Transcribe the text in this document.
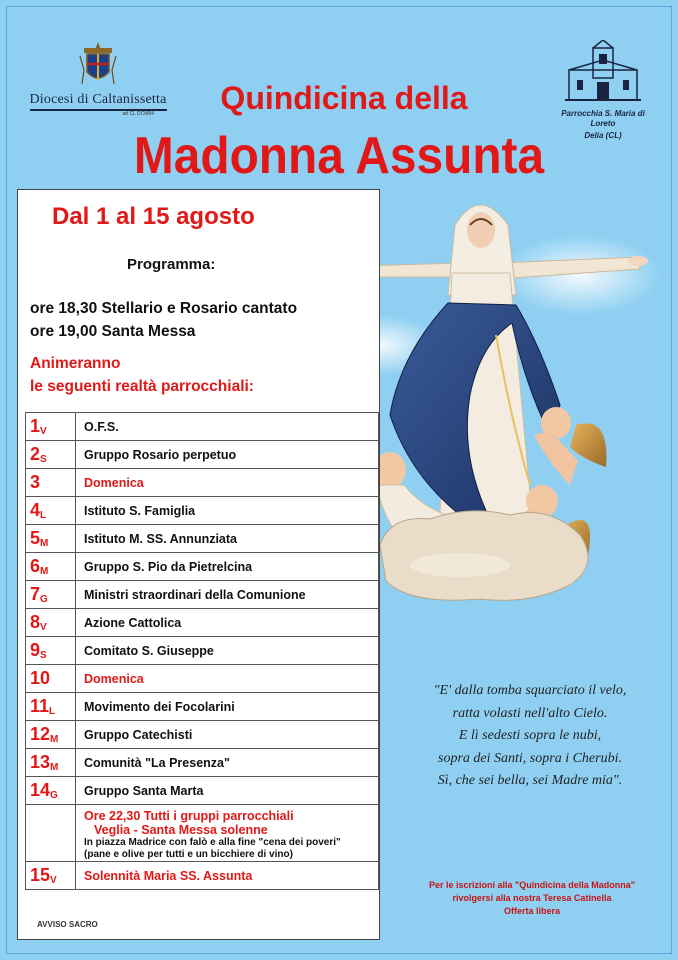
Diocesi di Caltanissetta
ad CL DCM84	Parrocchia S. Maria di Loreto
Delia (CL)
Quindicina della
Madonna Assunta
Dal 1 al 15 agosto
Programma:
ore 18,30 Stellario e Rosario cantato
ore 19,00 Santa Messa
Animeranno
le seguenti realtà parrocchiali:
$1_V$	O.F.S.
$2_S$	Gruppo Rosario perpetuo
3	Domenica
$4_L$	Istituto S. Famiglia
$5_M$	Istituto M. SS. Annunziata
$6_M$	Gruppo S. Pio da Pietrelcina
$7_G$	Ministri straordinari della Comunione
$8_V$	Azione Cattolica
$9_S$	Comitato S. Giuseppe
10	Domenica
$11_L$	Movimento dei Focolarini
$12_M$	Gruppo Catechisti
$13_M$	Comunità "La Presenza"
$14_G$	Gruppo Santa Marta

	Ore 22,30 Tutti i gruppi parrocchiali
Veglia - Santa Messa solenne
In piazza Madrice con falò e alla fine "cena dei poveri"
(pane e olive per tutti e un bicchiere di vino)

$15_V$	Solennità Maria SS. Assunta
AVVISO SACRO
"E' dalla tomba squarciato il velo,
ratta volasti nell'alto Cielo.
E lì sedesti sopra le nubi,
sopra dei Santi, sopra i Cherubi.
Sì, che sei bella, sei Madre mia".
Per le iscrizioni alla "Quindicina della Madonna"
rivolgersi alla nostra Teresa Catinella
Offerta libera
